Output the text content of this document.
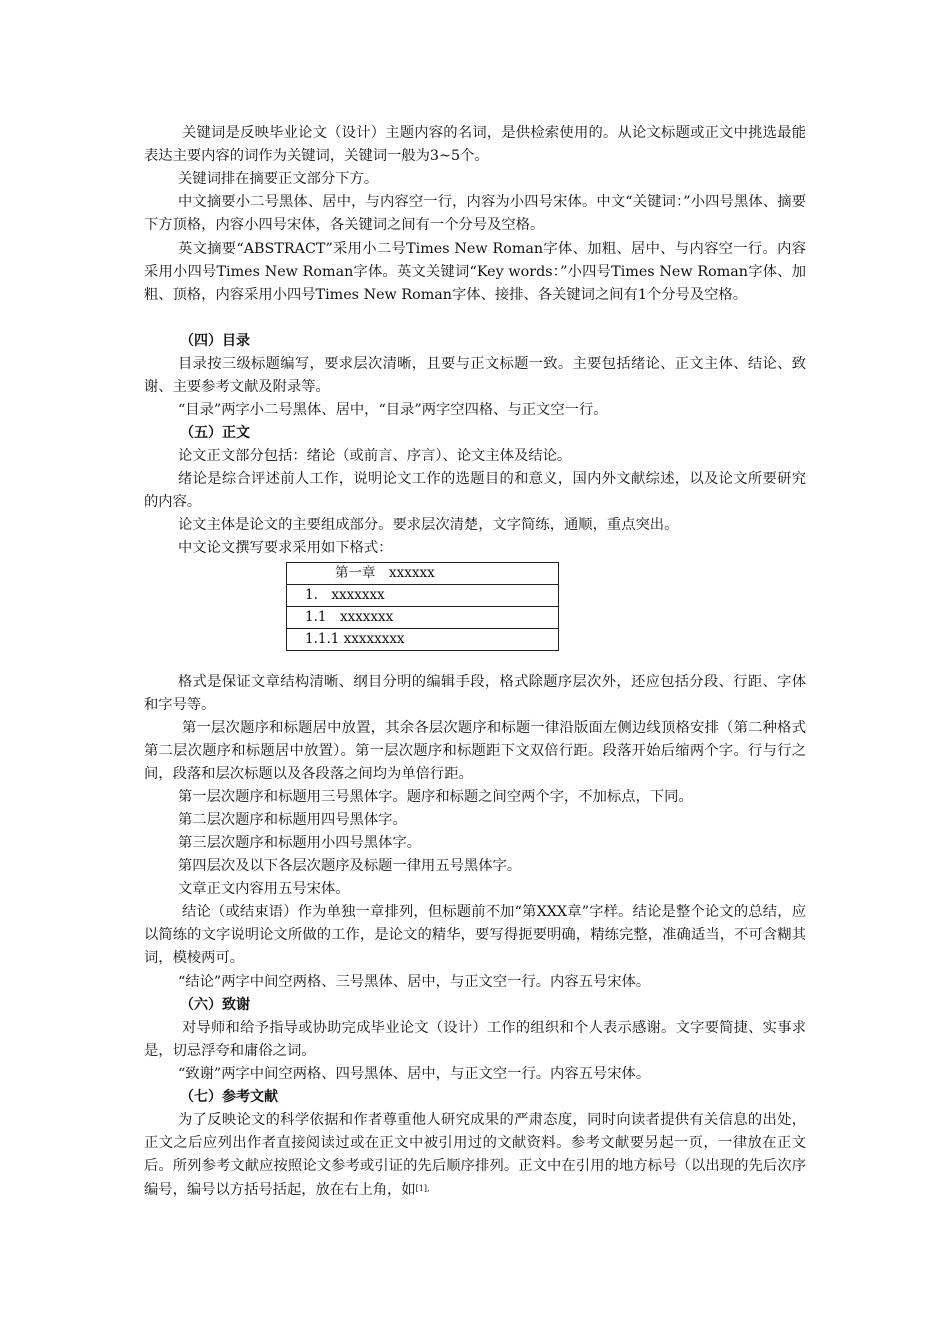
关键词是反映毕业论文（设计）主题内容的名词，是供检索使用的。从论文标题或正文中挑选最能表达主要内容的词作为关键词，关键词一般为3~5个。

关键词排在摘要正文部分下方。

中文摘要小二号黑体、居中，与内容空一行，内容为小四号宋体。中文“关键词：”小四号黑体、摘要下方顶格，内容小四号宋体，各关键词之间有一个分号及空格。

英文摘要“ABSTRACT”采用小二号Times New Roman字体、加粗、居中、与内容空一行。内容采用小四号Times New Roman字体。英文关键词“Key words：”小四号Times New Roman字体、加粗、顶格，内容采用小四号Times New Roman字体、接排、各关键词之间有1个分号及空格。

（四）目录

目录按三级标题编写，要求层次清晰，且要与正文标题一致。主要包括绪论、正文主体、结论、致谢、主要参考文献及附录等。

“目录”两字小二号黑体、居中，“目录”两字空四格、与正文空一行。

（五）正文

论文正文部分包括：绪论（或前言、序言）、论文主体及结论。

绪论是综合评述前人工作，说明论文工作的选题目的和意义，国内外文献综述，以及论文所要研究的内容。

论文主体是论文的主要组成部分。要求层次清楚，文字简练，通顺，重点突出。

中文论文撰写要求采用如下格式：

第一章　xxxxxx
1.　xxxxxxx
1.1　xxxxxxx
1.1.1 xxxxxxxx

格式是保证文章结构清晰、纲目分明的编辑手段，格式除题序层次外，还应包括分段、行距、字体和字号等。

第一层次题序和标题居中放置，其余各层次题序和标题一律沿版面左侧边线顶格安排（第二种格式第二层次题序和标题居中放置）。第一层次题序和标题距下文双倍行距。段落开始后缩两个字。行与行之间，段落和层次标题以及各段落之间均为单倍行距。

第一层次题序和标题用三号黑体字。题序和标题之间空两个字，不加标点，下同。

第二层次题序和标题用四号黑体字。

第三层次题序和标题用小四号黑体字。

第四层次及以下各层次题序及标题一律用五号黑体字。

文章正文内容用五号宋体。

结论（或结束语）作为单独一章排列，但标题前不加“第XXX章”字样。结论是整个论文的总结，应以简练的文字说明论文所做的工作，是论文的精华，要写得扼要明确，精练完整，准确适当，不可含糊其词，模棱两可。

“结论”两字中间空两格、三号黑体、居中，与正文空一行。内容五号宋体。

（六）致谢

对导师和给予指导或协助完成毕业论文（设计）工作的组织和个人表示感谢。文字要简捷、实事求是，切忌浮夸和庸俗之词。

“致谢”两字中间空两格、四号黑体、居中，与正文空一行。内容五号宋体。

（七）参考文献

为了反映论文的科学依据和作者尊重他人研究成果的严肃态度，同时向读者提供有关信息的出处，正文之后应列出作者直接阅读过或在正文中被引用过的文献资料。参考文献要另起一页，一律放在正文后。所列参考文献应按照论文参考或引证的先后顺序排列。正文中在引用的地方标号（以出现的先后次序编号，编号以方括号括起，放在右上角，如$^{[1],}$
